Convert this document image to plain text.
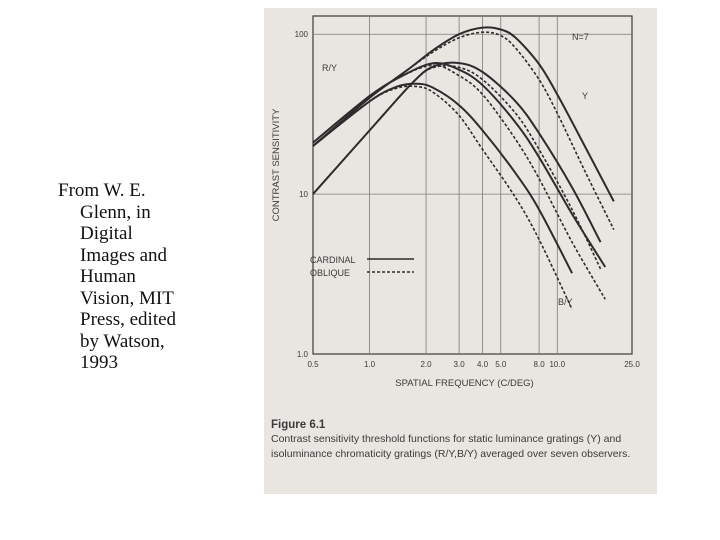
From W. E.
Glenn, in
Digital
Images and
Human
Vision, MIT
Press, edited
by Watson,
1993	0.5	1.0	2.0	3.0 4.0 5.0	8.0 10.0	25.0
1.0
10
100
SPATIAL FREQUENCY (C/DEG)
CONTRAST SENSITIVITY
N=7
R/Y
Y
B/Y
CARDINAL
OBLIQUE
Figure 6.1
Contrast sensitivity threshold functions for static luminance gratings (Y) and isoluminance chromaticity gratings (R/Y,B/Y) averaged over seven observers.
